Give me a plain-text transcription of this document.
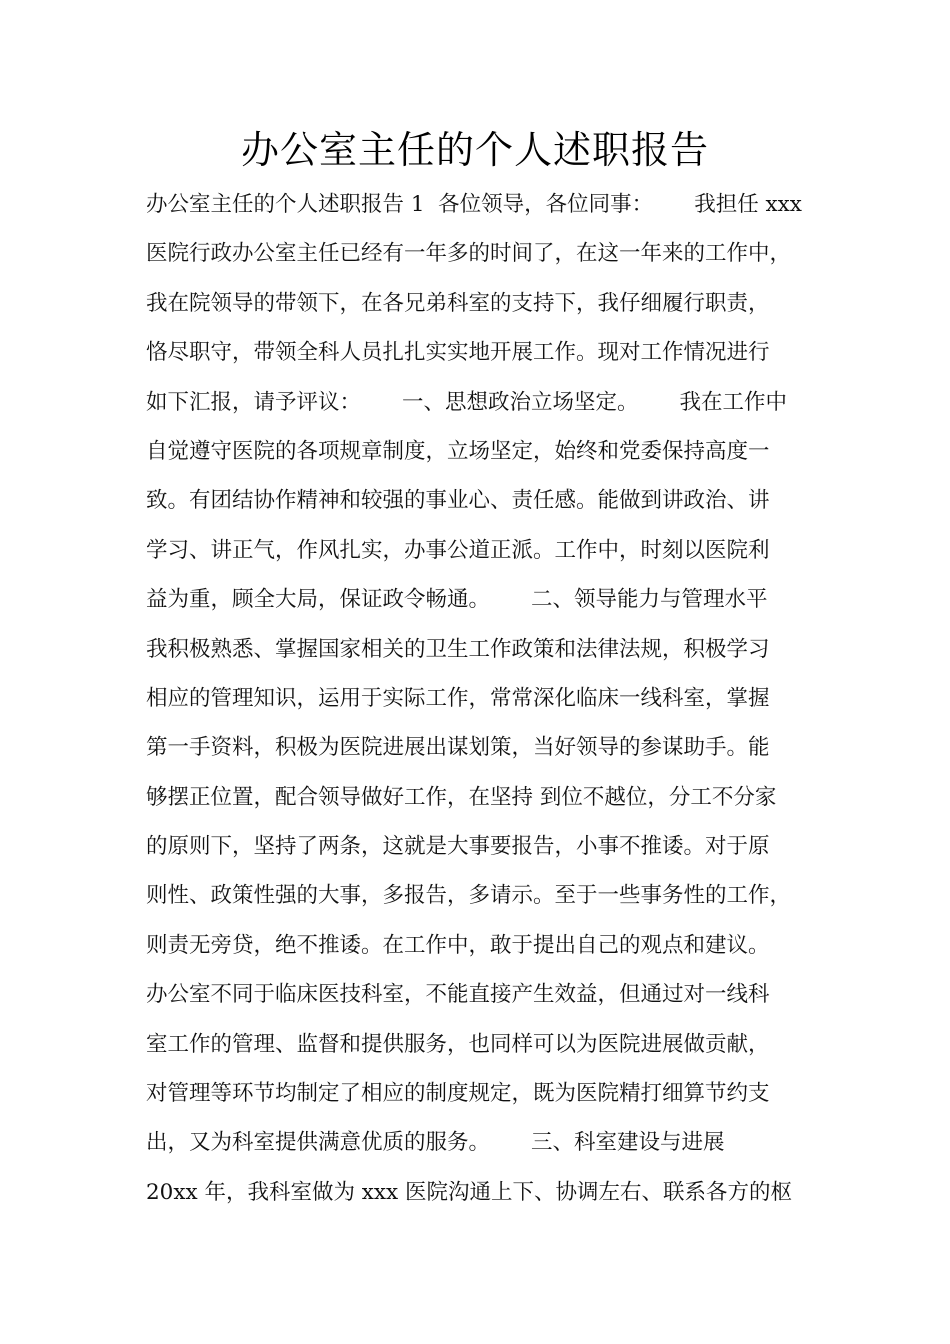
办公室主任的个人述职报告
办公室主任的个人述职报告 1  各位领导，各位同事：      我担任 xxx
医院行政办公室主任已经有一年多的时间了，在这一年来的工作中，
我在院领导的带领下，在各兄弟科室的支持下，我仔细履行职责，
恪尽职守，带领全科人员扎扎实实地开展工作。现对工作情况进行
如下汇报，请予评议：      一、思想政治立场坚定。      我在工作中
自觉遵守医院的各项规章制度，立场坚定，始终和党委保持高度一
致。有团结协作精神和较强的事业心、责任感。能做到讲政治、讲
学习、讲正气，作风扎实，办事公道正派。工作中，时刻以医院利
益为重，顾全大局，保证政令畅通。      二、领导能力与管理水平
我积极熟悉、掌握国家相关的卫生工作政策和法律法规，积极学习
相应的管理知识，运用于实际工作，常常深化临床一线科室，掌握
第一手资料，积极为医院进展出谋划策，当好领导的参谋助手。能
够摆正位置，配合领导做好工作，在坚持 到位不越位，分工不分家
的原则下，坚持了两条，这就是大事要报告，小事不推诿。对于原
则性、政策性强的大事，多报告，多请示。至于一些事务性的工作，
则责无旁贷，绝不推诿。在工作中，敢于提出自己的观点和建议。
办公室不同于临床医技科室，不能直接产生效益，但通过对一线科
室工作的管理、监督和提供服务，也同样可以为医院进展做贡献，
对管理等环节均制定了相应的制度规定，既为医院精打细算节约支
出，又为科室提供满意优质的服务。      三、科室建设与进展
20xx 年，我科室做为 xxx 医院沟通上下、协调左右、联系各方的枢
